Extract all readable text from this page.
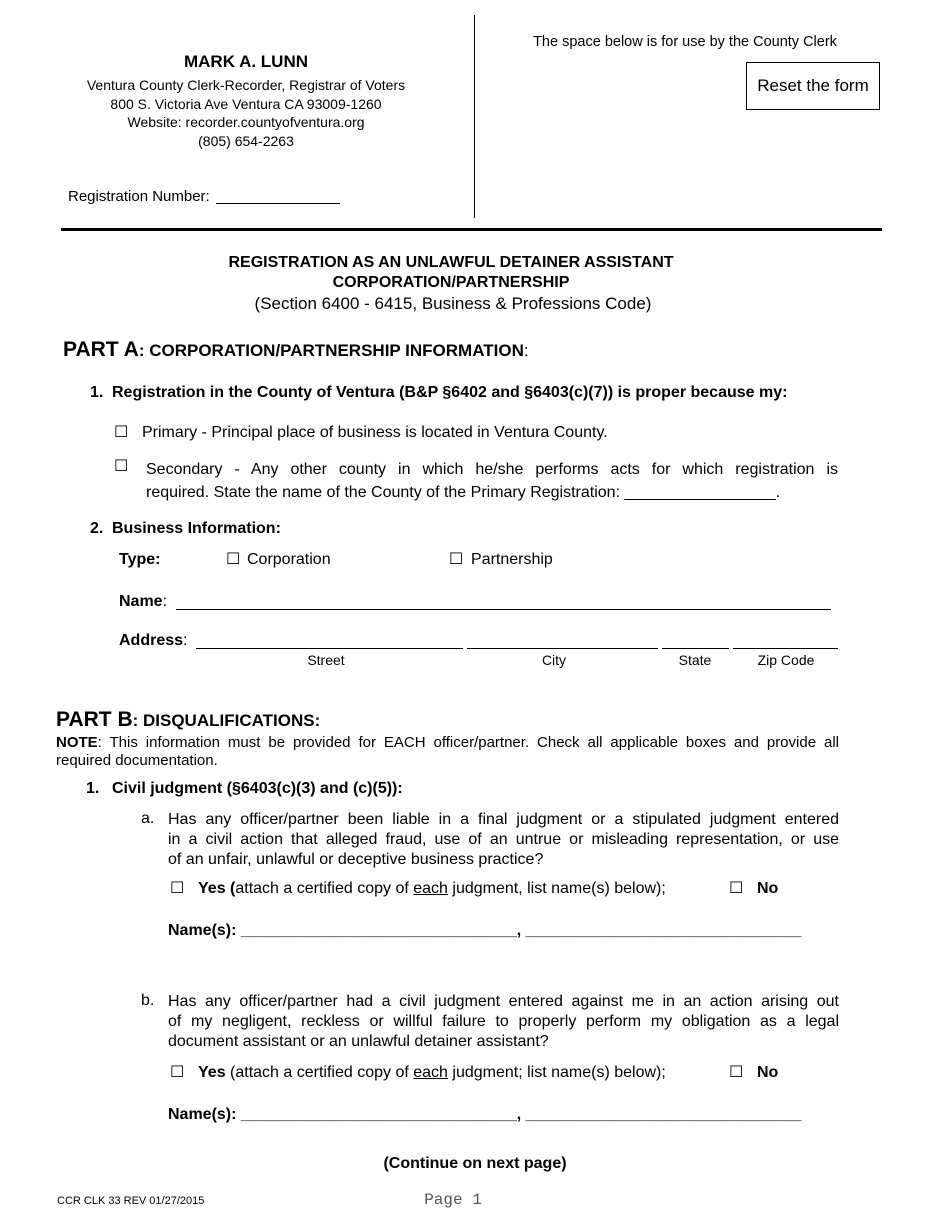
MARK A. LUNN
Ventura County Clerk-Recorder, Registrar of Voters
800 S. Victoria Ave Ventura CA 93009-1260
Website: recorder.countyofventura.org
(805) 654-2263
Registration Number:
The space below is for use by the County Clerk
Reset the form
REGISTRATION AS AN UNLAWFUL DETAINER ASSISTANT
CORPORATION/PARTNERSHIP
(Section 6400 - 6415, Business & Professions Code)
PART A: CORPORATION/PARTNERSHIP INFORMATION:
1. Registration in the County of Ventura (B&P §6402 and §6403(c)(7)) is proper because my:
☐ Primary - Principal place of business is located in Ventura County.
☐ Secondary - Any other county in which he/she performs acts for which registration is
required. State the name of the County of the Primary Registration: _________________.
2. Business Information:
Type:	☐ Corporation	☐ Partnership
Name:
Address:
Street	City	State	Zip Code
PART B: DISQUALIFICATIONS:
NOTE: This information must be provided for EACH officer/partner. Check all applicable boxes and provide all
required documentation.
1. Civil judgment (§6403(c)(3) and (c)(5)):
a. Has any officer/partner been liable in a final judgment or a stipulated judgment entered
in a civil action that alleged fraud, use of an untrue or misleading representation, or use
of an unfair, unlawful or deceptive business practice?
☐ Yes (attach a certified copy of each judgment, list name(s) below);	☐ No
Name(s): _______________________________, _______________________________
b. Has any officer/partner had a civil judgment entered against me in an action arising out
of my negligent, reckless or willful failure to properly perform my obligation as a legal
document assistant or an unlawful detainer assistant?
☐ Yes (attach a certified copy of each judgment; list name(s) below);	☐ No
Name(s): _______________________________, _______________________________
(Continue on next page)
CCR CLK 33 REV 01/27/2015	Page 1
